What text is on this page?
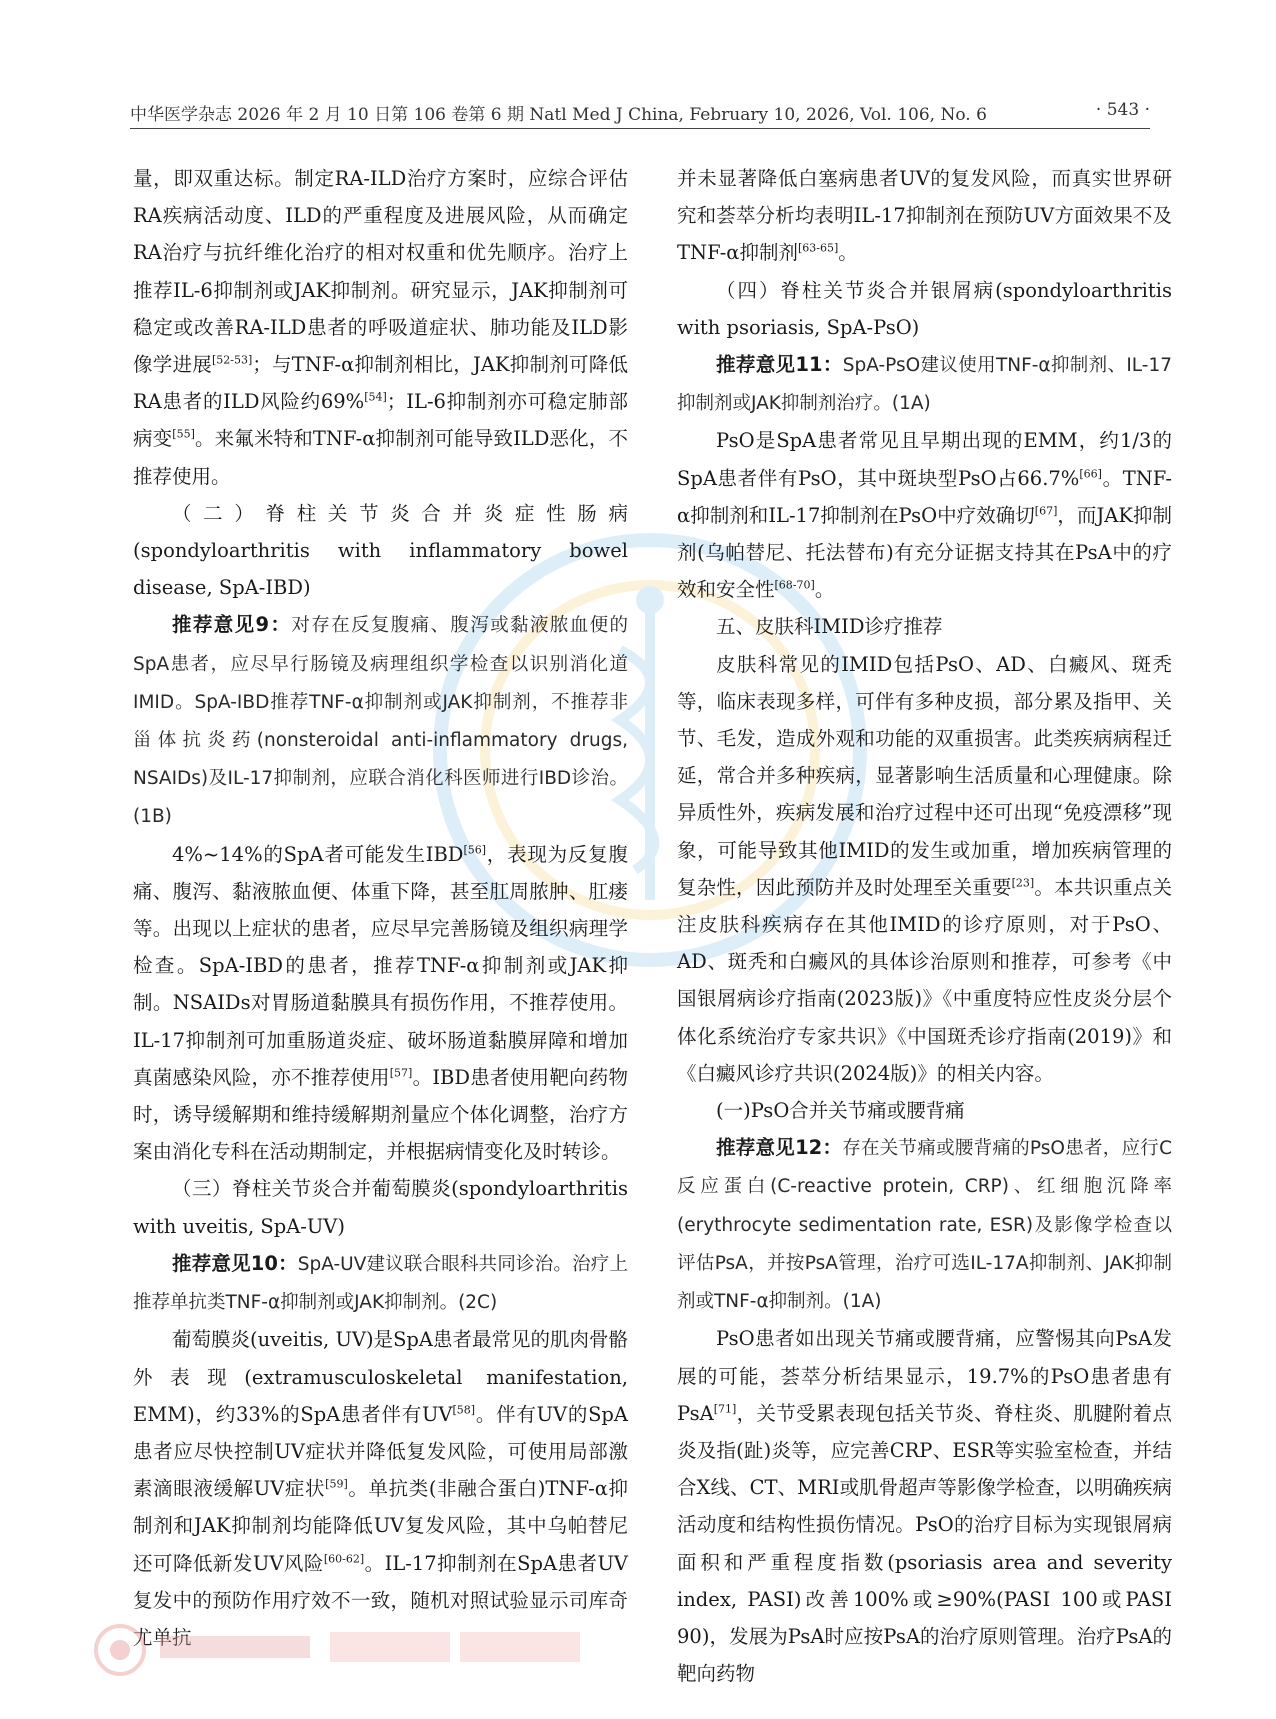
中华医学杂志 2026 年 2 月 10 日第 106 卷第 6 期 Natl Med J China, February 10, 2026, Vol. 106, No. 6	· 543 ·

量，即双重达标。制定RA-ILD治疗方案时，应综合评估RA疾病活动度、ILD的严重程度及进展风险，从而确定RA治疗与抗纤维化治疗的相对权重和优先顺序。治疗上推荐IL-6抑制剂或JAK抑制剂。研究显示，JAK抑制剂可稳定或改善RA-ILD患者的呼吸道症状、肺功能及ILD影像学进展[52-53]；与TNF-α抑制剂相比，JAK抑制剂可降低RA患者的ILD风险约69%[54]；IL-6抑制剂亦可稳定肺部病变[55]。来氟米特和TNF-α抑制剂可能导致ILD恶化，不推荐使用。

（二）脊柱关节炎合并炎症性肠病(spondyloarthritis with inflammatory bowel disease, SpA-IBD)

推荐意见9：对存在反复腹痛、腹泻或黏液脓血便的SpA患者，应尽早行肠镜及病理组织学检查以识别消化道IMID。SpA-IBD推荐TNF-α抑制剂或JAK抑制剂，不推荐非甾体抗炎药(nonsteroidal anti-inflammatory drugs, NSAIDs)及IL-17抑制剂，应联合消化科医师进行IBD诊治。(1B)

4%~14%的SpA者可能发生IBD[56]，表现为反复腹痛、腹泻、黏液脓血便、体重下降，甚至肛周脓肿、肛瘘等。出现以上症状的患者，应尽早完善肠镜及组织病理学检查。SpA-IBD的患者，推荐TNF-α抑制剂或JAK抑制。NSAIDs对胃肠道黏膜具有损伤作用，不推荐使用。IL-17抑制剂可加重肠道炎症、破坏肠道黏膜屏障和增加真菌感染风险，亦不推荐使用[57]。IBD患者使用靶向药物时，诱导缓解期和维持缓解期剂量应个体化调整，治疗方案由消化专科在活动期制定，并根据病情变化及时转诊。

（三）脊柱关节炎合并葡萄膜炎(spondyloarthritis with uveitis, SpA-UV)

推荐意见10：SpA-UV建议联合眼科共同诊治。治疗上推荐单抗类TNF-α抑制剂或JAK抑制剂。(2C)

葡萄膜炎(uveitis, UV)是SpA患者最常见的肌肉骨骼外表现(extramusculoskeletal manifestation, EMM)，约33%的SpA患者伴有UV[58]。伴有UV的SpA患者应尽快控制UV症状并降低复发风险，可使用局部激素滴眼液缓解UV症状[59]。单抗类(非融合蛋白)TNF-α抑制剂和JAK抑制剂均能降低UV复发风险，其中乌帕替尼还可降低新发UV风险[60-62]。IL-17抑制剂在SpA患者UV复发中的预防作用疗效不一致，随机对照试验显示司库奇尤单抗

并未显著降低白塞病患者UV的复发风险，而真实世界研究和荟萃分析均表明IL-17抑制剂在预防UV方面效果不及TNF-α抑制剂[63-65]。

（四）脊柱关节炎合并银屑病(spondyloarthritis with psoriasis, SpA-PsO)

推荐意见11：SpA-PsO建议使用TNF-α抑制剂、IL-17抑制剂或JAK抑制剂治疗。(1A)

PsO是SpA患者常见且早期出现的EMM，约1/3的SpA患者伴有PsO，其中斑块型PsO占66.7%[66]。TNF-α抑制剂和IL-17抑制剂在PsO中疗效确切[67]，而JAK抑制剂(乌帕替尼、托法替布)有充分证据支持其在PsA中的疗效和安全性[68-70]。

五、皮肤科IMID诊疗推荐

皮肤科常见的IMID包括PsO、AD、白癜风、斑秃等，临床表现多样，可伴有多种皮损，部分累及指甲、关节、毛发，造成外观和功能的双重损害。此类疾病病程迁延，常合并多种疾病，显著影响生活质量和心理健康。除异质性外，疾病发展和治疗过程中还可出现“免疫漂移”现象，可能导致其他IMID的发生或加重，增加疾病管理的复杂性，因此预防并及时处理至关重要[23]。本共识重点关注皮肤科疾病存在其他IMID的诊疗原则，对于PsO、AD、斑秃和白癜风的具体诊治原则和推荐，可参考《中国银屑病诊疗指南(2023版)》《中重度特应性皮炎分层个体化系统治疗专家共识》《中国斑秃诊疗指南(2019)》和《白癜风诊疗共识(2024版)》的相关内容。

(一)PsO合并关节痛或腰背痛

推荐意见12：存在关节痛或腰背痛的PsO患者，应行C反应蛋白(C-reactive protein, CRP)、红细胞沉降率(erythrocyte sedimentation rate, ESR)及影像学检查以评估PsA，并按PsA管理，治疗可选IL-17A抑制剂、JAK抑制剂或TNF-α抑制剂。(1A)

PsO患者如出现关节痛或腰背痛，应警惕其向PsA发展的可能，荟萃分析结果显示，19.7%的PsO患者患有PsA[71]，关节受累表现包括关节炎、脊柱炎、肌腱附着点炎及指(趾)炎等，应完善CRP、ESR等实验室检查，并结合X线、CT、MRI或肌骨超声等影像学检查，以明确疾病活动度和结构性损伤情况。PsO的治疗目标为实现银屑病面积和严重程度指数(psoriasis area and severity index, PASI)改善100%或≥90%(PASI 100或PASI 90)，发展为PsA时应按PsA的治疗原则管理。治疗PsA的靶向药物
